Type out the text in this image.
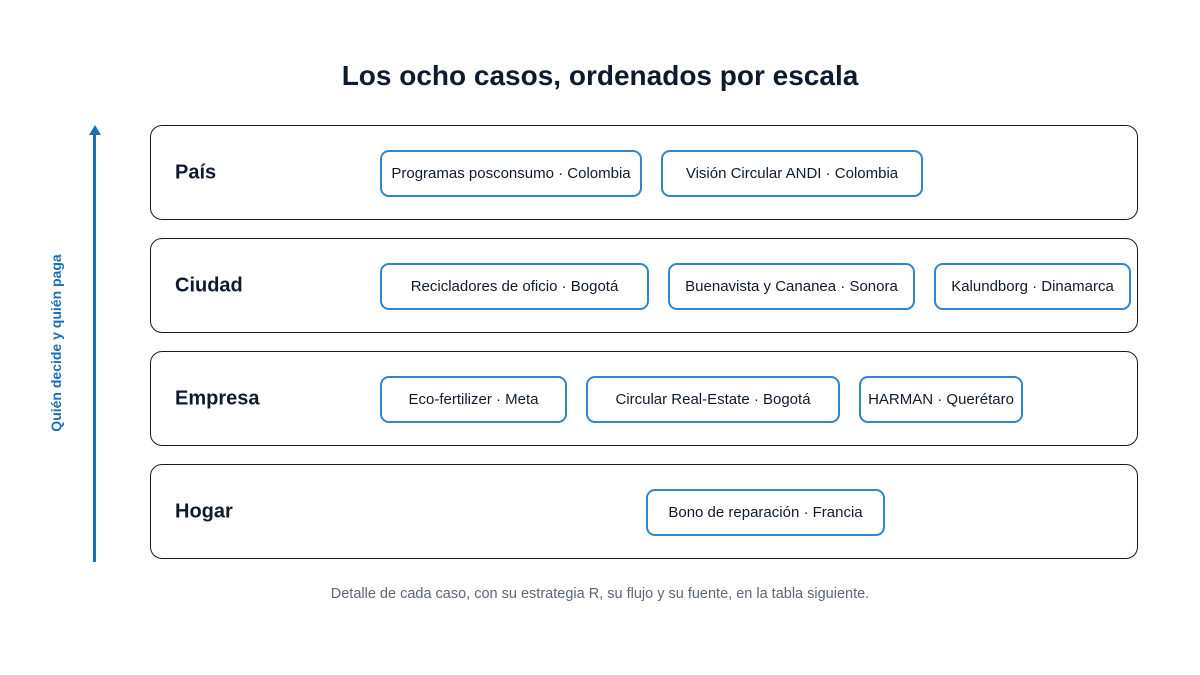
Los ocho casos, ordenados por escala
Quién decide y quién paga
País	Programas posconsumo · Colombia	Visión Circular ANDI · Colombia
Ciudad	Recicladores de oficio · Bogotá	Buenavista y Cananea · Sonora	Kalundborg · Dinamarca
Empresa	Eco-fertilizer · Meta	Circular Real-Estate · Bogotá	HARMAN · Querétaro
Hogar	Bono de reparación · Francia
Detalle de cada caso, con su estrategia R, su flujo y su fuente, en la tabla siguiente.
